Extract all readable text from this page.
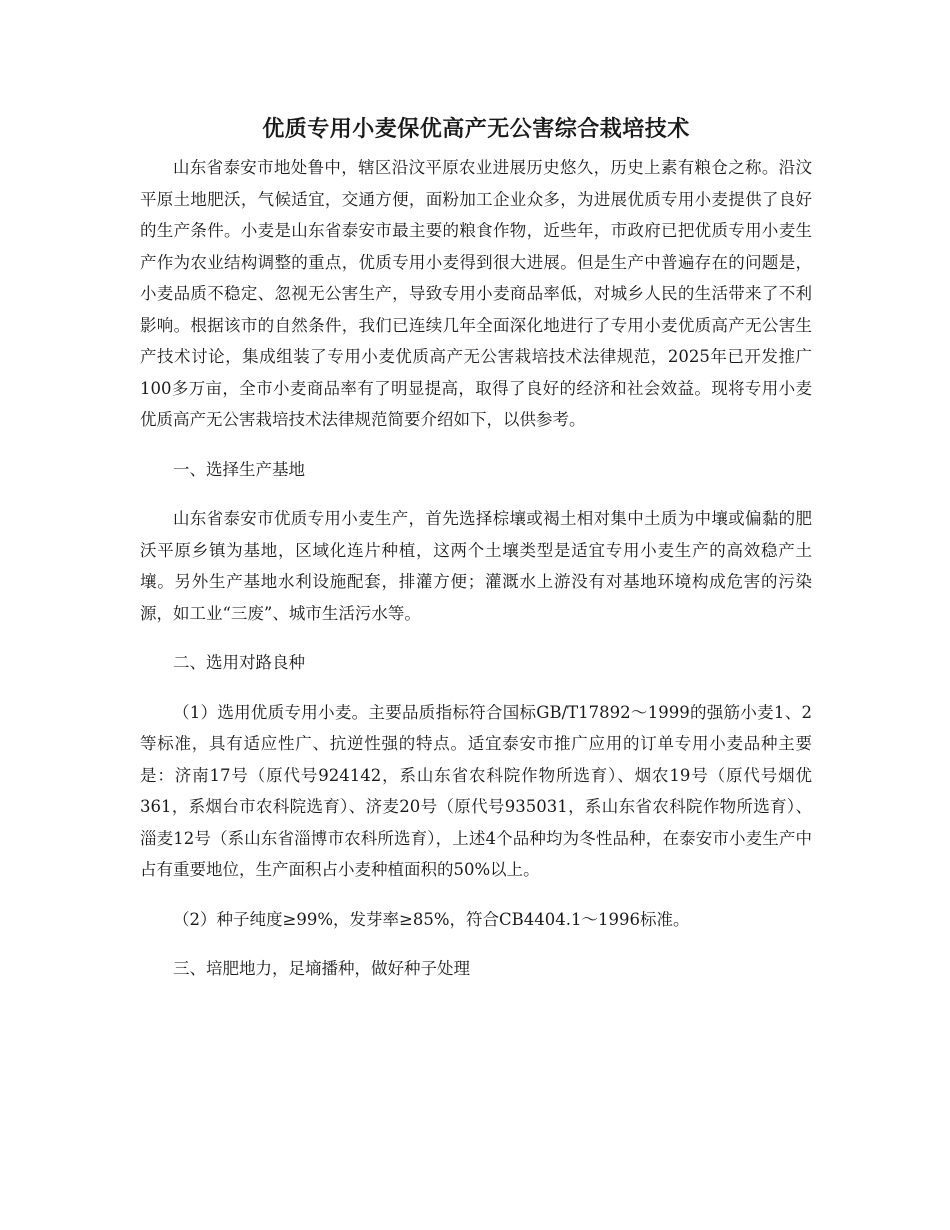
优质专用小麦保优高产无公害综合栽培技术

山东省泰安市地处鲁中，辖区沿汶平原农业进展历史悠久，历史上素有粮仓之称。沿汶平原土地肥沃，气候适宜，交通方便，面粉加工企业众多，为进展优质专用小麦提供了良好的生产条件。小麦是山东省泰安市最主要的粮食作物，近些年，市政府已把优质专用小麦生产作为农业结构调整的重点，优质专用小麦得到很大进展。但是生产中普遍存在的问题是，小麦品质不稳定、忽视无公害生产，导致专用小麦商品率低，对城乡人民的生活带来了不利影响。根据该市的自然条件，我们已连续几年全面深化地进行了专用小麦优质高产无公害生产技术讨论，集成组装了专用小麦优质高产无公害栽培技术法律规范，2025年已开发推广100多万亩，全市小麦商品率有了明显提高，取得了良好的经济和社会效益。现将专用小麦优质高产无公害栽培技术法律规范简要介绍如下，以供参考。

一、选择生产基地

山东省泰安市优质专用小麦生产，首先选择棕壤或褐土相对集中土质为中壤或偏黏的肥沃平原乡镇为基地，区域化连片种植，这两个土壤类型是适宜专用小麦生产的高效稳产土壤。另外生产基地水利设施配套，排灌方便；灌溉水上游没有对基地环境构成危害的污染源，如工业“三废”、城市生活污水等。

二、选用对路良种

（1）选用优质专用小麦。主要品质指标符合国标GB/T17892～1999的强筋小麦1、2等标准，具有适应性广、抗逆性强的特点。适宜泰安市推广应用的订单专用小麦品种主要是：济南17号（原代号924142，系山东省农科院作物所选育）、烟农19号（原代号烟优361，系烟台市农科院选育）、济麦20号（原代号935031，系山东省农科院作物所选育）、淄麦12号（系山东省淄博市农科所选育），上述4个品种均为冬性品种，在泰安市小麦生产中占有重要地位，生产面积占小麦种植面积的50%以上。

（2）种子纯度≥99%，发芽率≥85%，符合CB4404.1～1996标准。

三、培肥地力，足墒播种，做好种子处理
